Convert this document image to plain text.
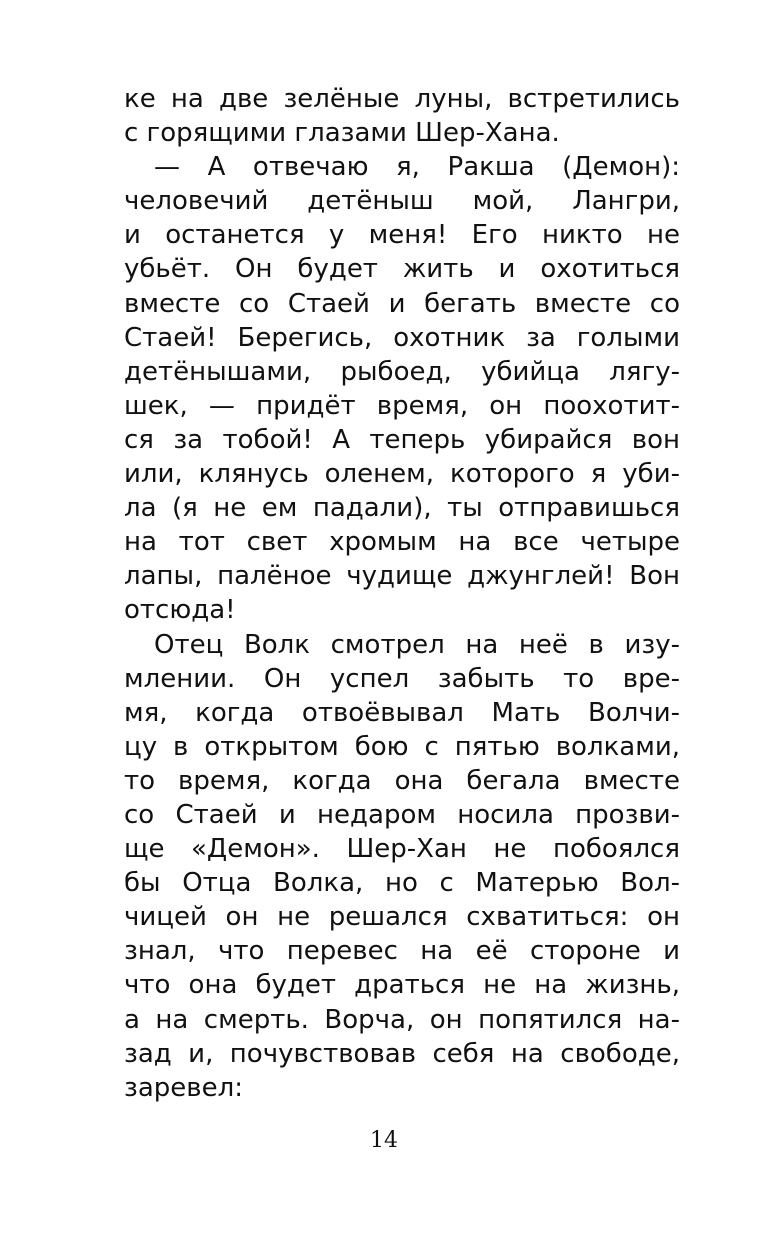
ке на две зелёные луны, встретились
с горящими глазами Шер-Хана.
— А отвечаю я, Ракша (Демон):
человечий детёныш мой, Лангри,
и останется у меня! Его никто не
убьёт. Он будет жить и охотиться
вместе со Стаей и бегать вместе со
Стаей! Берегись, охотник за голыми
детёнышами, рыбоед, убийца лягу-
шек, — придёт время, он поохотит-
ся за тобой! А теперь убирайся вон
или, клянусь оленем, которого я уби-
ла (я не ем падали), ты отправишься
на тот свет хромым на все четыре
лапы, палёное чудище джунглей! Вон
отсюда!
Отец Волк смотрел на неё в изу-
млении. Он успел забыть то вре-
мя, когда отвоёвывал Мать Волчи-
цу в открытом бою с пятью волками,
то время, когда она бегала вместе
со Стаей и недаром носила прозви-
ще «Демон». Шер-Хан не побоялся
бы Отца Волка, но с Матерью Вол-
чицей он не решался схватиться: он
знал, что перевес на её стороне и
что она будет драться не на жизнь,
а на смерть. Ворча, он попятился на-
зад и, почувствовав себя на свободе,
заревел:
14
